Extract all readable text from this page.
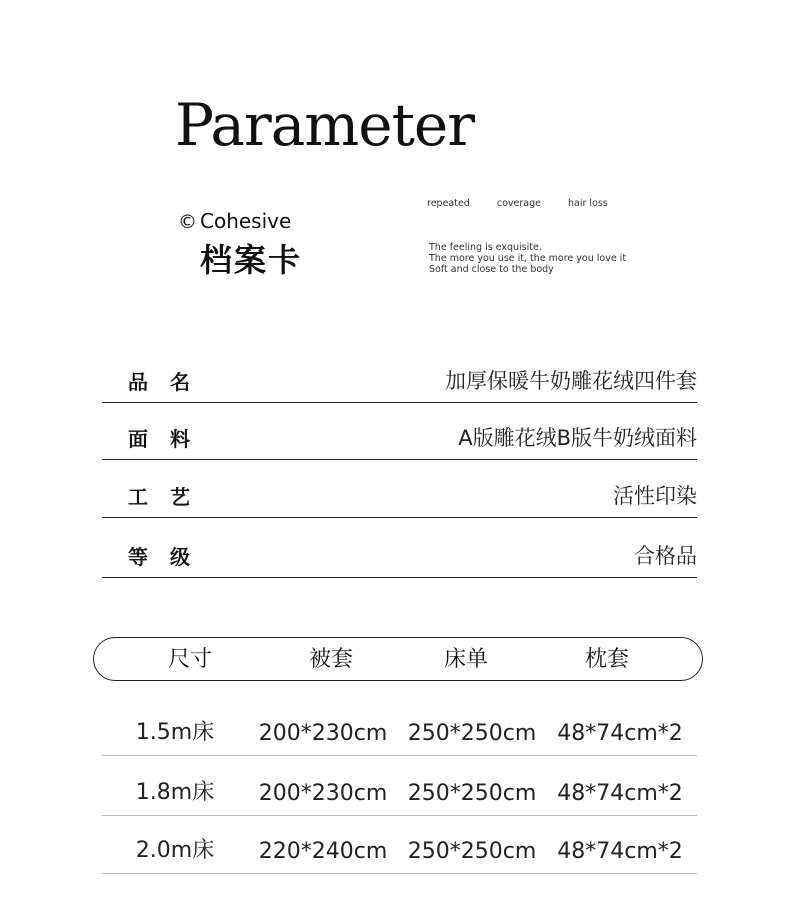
Parameter
© Cohesive
档案卡
repeated	coverage	hair loss
The feeling is exquisite.
The more you use it, the more you love it
Soft and close to the body
品名	加厚保暖牛奶雕花绒四件套
面料	A版雕花绒B版牛奶绒面料
工艺	活性印染
等级	合格品
尺寸	被套	床单	枕套
1.5m床 200*230cm 250*250cm 48*74cm*2
1.8m床 200*230cm 250*250cm 48*74cm*2
2.0m床 220*240cm 250*250cm 48*74cm*2
